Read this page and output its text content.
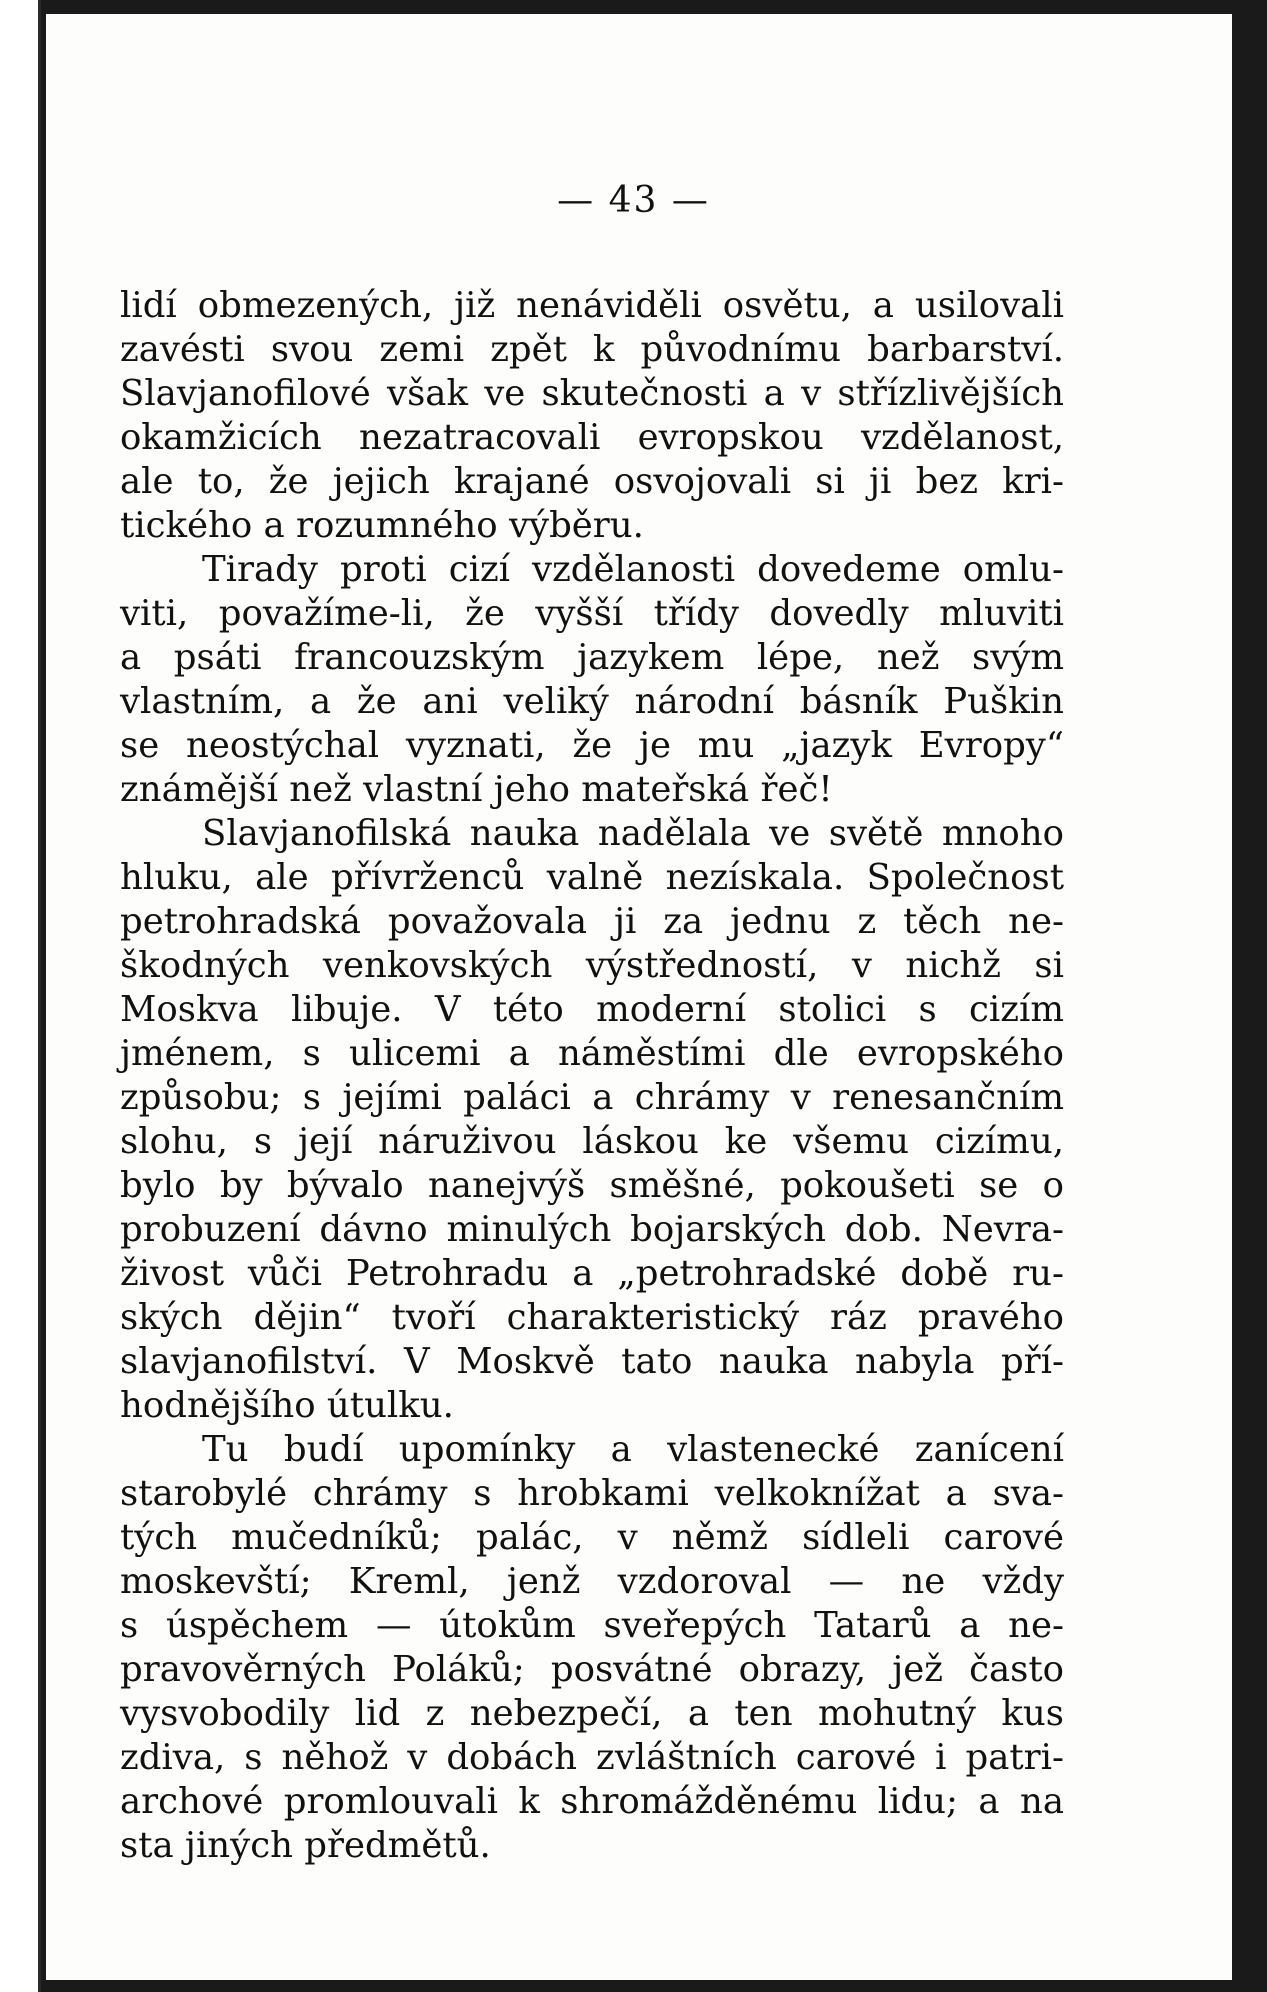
— 43 —
lidí obmezených, již nenáviděli osvětu, a usilovali
zavésti svou zemi zpět k původnímu barbarství.
Slavjanofilové však ve skutečnosti a v střízlivějších
okamžicích nezatracovali evropskou vzdělanost,
ale to, že jejich krajané osvojovali si ji bez kri-
tického a rozumného výběru.
Tirady proti cizí vzdělanosti dovedeme omlu-
viti, považíme-li, že vyšší třídy dovedly mluviti
a psáti francouzským jazykem lépe, než svým
vlastním, a že ani veliký národní básník Puškin
se neostýchal vyznati, že je mu „jazyk Evropy“
známější než vlastní jeho mateřská řeč!
Slavjanofilská nauka nadělala ve světě mnoho
hluku, ale přívrženců valně nezískala. Společnost
petrohradská považovala ji za jednu z těch ne-
škodných venkovských výstředností, v nichž si
Moskva libuje. V této moderní stolici s cizím
jménem, s ulicemi a náměstími dle evropského
způsobu; s jejími paláci a chrámy v renesančním
slohu, s její náruživou láskou ke všemu cizímu,
bylo by bývalo nanejvýš směšné, pokoušeti se o
probuzení dávno minulých bojarských dob. Nevra-
živost vůči Petrohradu a „petrohradské době ru-
ských dějin“ tvoří charakteristický ráz pravého
slavjanofilství. V Moskvě tato nauka nabyla pří-
hodnějšího útulku.
Tu budí upomínky a vlastenecké zanícení
starobylé chrámy s hrobkami velkoknížat a sva-
tých mučedníků; palác, v němž sídleli carové
moskevští; Kreml, jenž vzdoroval — ne vždy
s úspěchem — útokům sveřepých Tatarů a ne-
pravověrných Poláků; posvátné obrazy, jež často
vysvobodily lid z nebezpečí, a ten mohutný kus
zdiva, s něhož v dobách zvláštních carové i patri-
archové promlouvali k shromážděnému lidu; a na
sta jiných předmětů.
